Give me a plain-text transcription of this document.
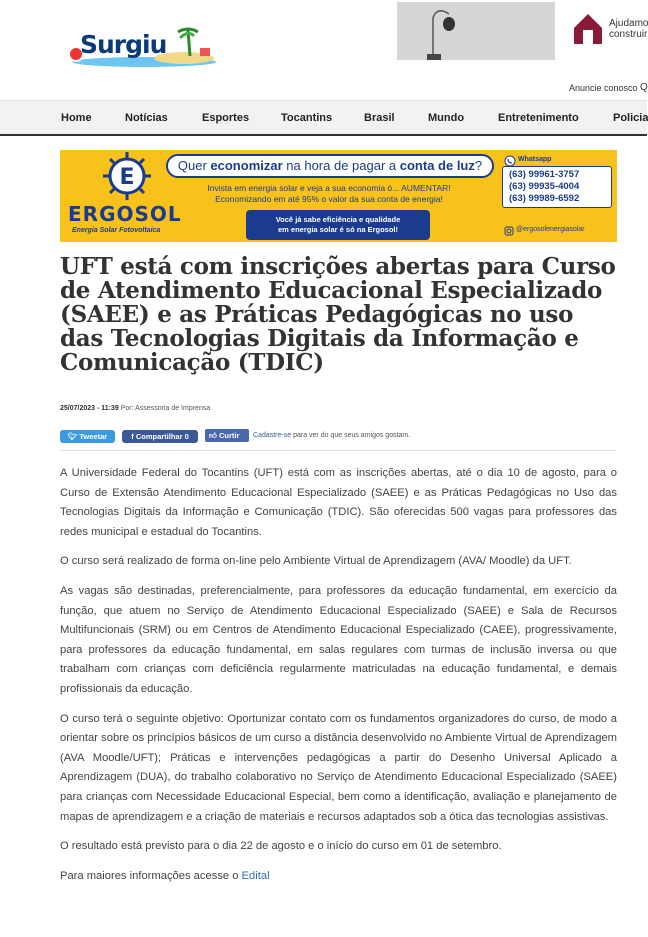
Surgiu
Ajudamo construir
Anuncie conosco Q
Home	Notícias	Esportes	Tocantins	Brasil	Mundo	Entretenimento	Policia
E
ERGOSOL
Energia Solar Fotovoltaica
Quer economizar na hora de pagar a conta de luz?
Invista em energia solar e veja a sua economia ó... AUMENTAR!
Economizando em até 95% o valor da sua conta de energia!
Você já sabe eficiência e qualidade
em energia solar é só na Ergosol!
Whatsapp
(63) 99961-3757
(63) 99935-4004
(63) 99989-6592
@ergosolenergiasolar
UFT está com inscrições abertas para Curso de Atendimento Educacional Especializado (SAEE) e as Práticas Pedagógicas no uso das Tecnologias Digitais da Informação e Comunicação (TDIC)
25/07/2023 - 11:39 Por: Assessoria de Imprensa
🐦︎ Tweetar	f Compartilhar 0	👍︎ Curtir	Cadastre-se para ver do que seus amigos gostam.

A Universidade Federal do Tocantins (UFT) está com as inscrições abertas, até o dia 10 de agosto, para o Curso de Extensão Atendimento Educacional Especializado (SAEE) e as Práticas Pedagógicas no Uso das Tecnologias Digitais da Informação e Comunicação (TDIC). São oferecidas 500 vagas para professores das redes municipal e estadual do Tocantins.

O curso será realizado de forma on-line pelo Ambiente Virtual de Aprendizagem (AVA/ Moodle) da UFT.

As vagas são destinadas, preferencialmente, para professores da educação fundamental, em exercício da função, que atuem no Serviço de Atendimento Educacional Especializado (SAEE) e Sala de Recursos Multifuncionais (SRM) ou em Centros de Atendimento Educacional Especializado (CAEE), progressivamente, para professores da educação fundamental, em salas regulares com turmas de inclusão inversa ou que trabalham com crianças com deficiência regularmente matriculadas na educação fundamental, e demais profissionais da educação.

O curso terá o seguinte objetivo: Oportunizar contato com os fundamentos organizadores do curso, de modo a orientar sobre os princípios básicos de um curso a distância desenvolvido no Ambiente Virtual de Aprendizagem (AVA Moodle/UFT); Práticas e intervenções pedagógicas a partir do Desenho Universal Aplicado a Aprendizagem (DUA), do trabalho colaborativo no Serviço de Atendimento Educacional Especializado (SAEE) para crianças com Necessidade Educacional Especial, bem como a identificação, avaliação e planejamento de mapas de aprendizagem e a criação de materiais e recursos adaptados sob a ótica das tecnologias assistivas.

O resultado está previsto para o dia 22 de agosto e o início do curso em 01 de setembro.

Para maiores informações acesse o Edital
